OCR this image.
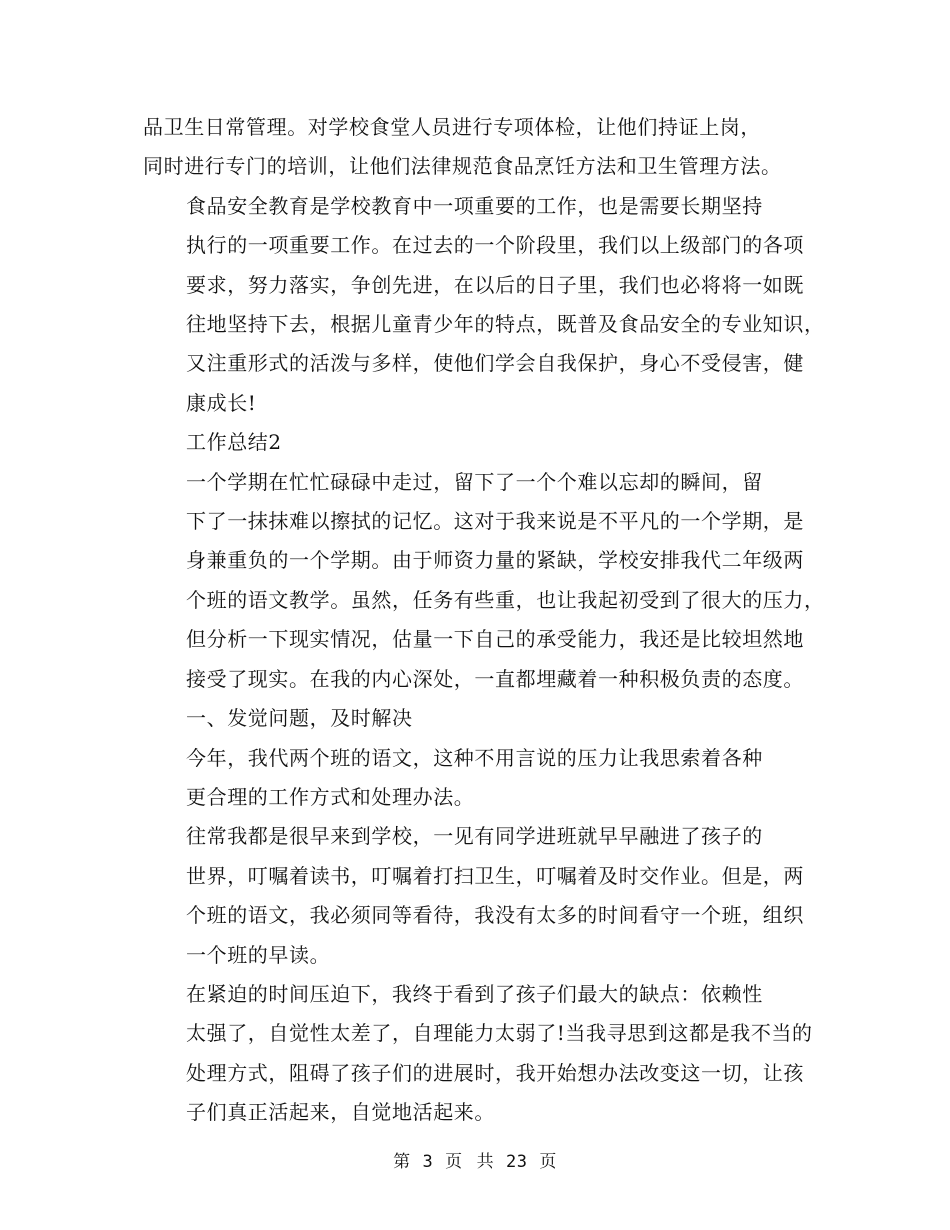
品卫生日常管理。对学校食堂人员进行专项体检，让他们持证上岗，
同时进行专门的培训，让他们法律规范食品烹饪方法和卫生管理方法。

食品安全教育是学校教育中一项重要的工作，也是需要长期坚持
执行的一项重要工作。在过去的一个阶段里，我们以上级部门的各项
要求，努力落实，争创先进，在以后的日子里，我们也必将将一如既
往地坚持下去，根据儿童青少年的特点，既普及食品安全的专业知识，
又注重形式的活泼与多样，使他们学会自我保护，身心不受侵害，健
康成长!

工作总结2

一个学期在忙忙碌碌中走过，留下了一个个难以忘却的瞬间，留
下了一抹抹难以擦拭的记忆。这对于我来说是不平凡的一个学期，是
身兼重负的一个学期。由于师资力量的紧缺，学校安排我代二年级两
个班的语文教学。虽然，任务有些重，也让我起初受到了很大的压力，
但分析一下现实情况，估量一下自己的承受能力，我还是比较坦然地
接受了现实。在我的内心深处，一直都埋藏着一种积极负责的态度。

一、发觉问题，及时解决

今年，我代两个班的语文，这种不用言说的压力让我思索着各种
更合理的工作方式和处理办法。

往常我都是很早来到学校，一见有同学进班就早早融进了孩子的
世界，叮嘱着读书，叮嘱着打扫卫生，叮嘱着及时交作业。但是，两
个班的语文，我必须同等看待，我没有太多的时间看守一个班，组织
一个班的早读。

在紧迫的时间压迫下，我终于看到了孩子们最大的缺点：依赖性
太强了，自觉性太差了，自理能力太弱了!当我寻思到这都是我不当的
处理方式，阻碍了孩子们的进展时，我开始想办法改变这一切，让孩
子们真正活起来，自觉地活起来。

第 3 页 共 23 页
